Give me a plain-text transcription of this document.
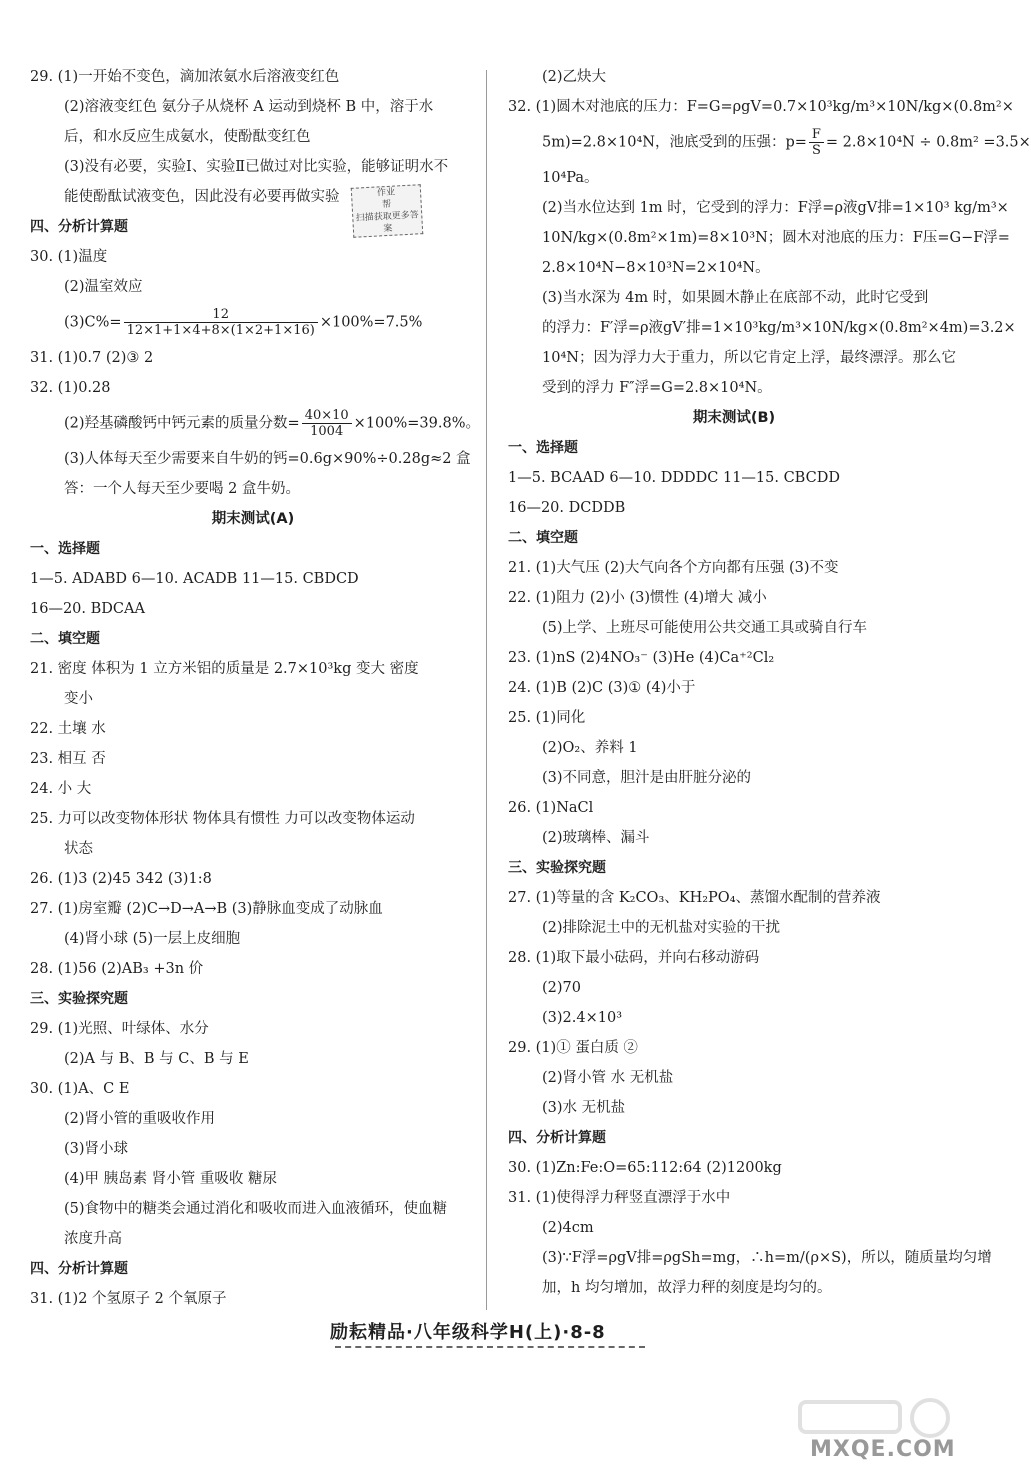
29. (1)一开始不变色，滴加浓氨水后溶液变红色
(2)溶液变红色 氨分子从烧杯 A 运动到烧杯 B 中，溶于水
后，和水反应生成氨水，使酚酞变红色
(3)没有必要，实验Ⅰ、实验Ⅱ已做过对比实验，能够证明水不
能使酚酞试液变色，因此没有必要再做实验
四、分析计算题
30. (1)温度
(2)温室效应
$(3)C\%= \frac{12}{12\times 1+1\times 4+8\times(1\times 2+1\times 16)} \times 100\%=7.5\%$
31. (1)0.7 (2)③ 2
32. (1)0.28
(2)羟基磷酸钙中钙元素的质量分数= $\frac{40\times 10}{1004} \times 100\%=39.8\%$。
(3)人体每天至少需要来自牛奶的钙=0.6g×90%÷0.28g≈2 盒
答：一个人每天至少要喝 2 盒牛奶。
期末测试(A)
一、选择题
1—5. ADABD 6—10. ACADB 11—15. CBDCD
16—20. BDCAA
二、填空题
21. 密度 体积为 1 立方米铝的质量是 2.7×10³kg 变大 密度
变小
22. 土壤 水
23. 相互 否
24. 小 大
25. 力可以改变物体形状 物体具有惯性 力可以改变物体运动
状态
26. (1)3 (2)45 342 (3)1:8
27. (1)房室瓣 (2)C→D→A→B (3)静脉血变成了动脉血
(4)肾小球 (5)一层上皮细胞
28. (1)56 (2)AB₃ +3n 价
三、实验探究题
29. (1)光照、叶绿体、水分
(2)A 与 B、B 与 C、B 与 E
30. (1)A、C E
(2)肾小管的重吸收作用
(3)肾小球
(4)甲 胰岛素 肾小管 重吸收 糖尿
(5)食物中的糖类会通过消化和吸收而进入血液循环，使血糖
浓度升高
四、分析计算题
31. (1)2 个氢原子 2 个氧原子
(2)乙炔大
32. (1)圆木对池底的压力：F=G=ρgV=0.7×10³kg/m³×10N/kg×(0.8m²×
5m)=2.8×10⁴N，池底受到的压强：$p= \frac{F}{S} = 2.8\times 10^4N \div 0.8m^2 =3.5\times$
10⁴Pa。
(2)当水位达到 1m 时，它受到的浮力：F浮=ρ液gV排=1×10³ kg/m³×
10N/kg×(0.8m²×1m)=8×10³N；圆木对池底的压力：F压=G−F浮=
2.8×10⁴N−8×10³N=2×10⁴N。
(3)当水深为 4m 时，如果圆木静止在底部不动，此时它受到
的浮力：F′浮=ρ液gV′排=1×10³kg/m³×10N/kg×(0.8m²×4m)=3.2×
10⁴N；因为浮力大于重力，所以它肯定上浮，最终漂浮。那么它
受到的浮力 F″浮=G=2.8×10⁴N。
期末测试(B)
一、选择题
1—5. BCAAD 6—10. DDDDC 11—15. CBCDD
16—20. DCDDB
二、填空题
21. (1)大气压 (2)大气向各个方向都有压强 (3)不变
22. (1)阻力 (2)小 (3)惯性 (4)增大 减小
(5)上学、上班尽可能使用公共交通工具或骑自行车
23. (1)nS (2)4NO₃⁻ (3)He (4)Ca⁺²Cl₂
24. (1)B (2)C (3)① (4)小于
25. (1)同化
(2)O₂、养料 1
(3)不同意，胆汁是由肝脏分泌的
26. (1)NaCl
(2)玻璃棒、漏斗
三、实验探究题
27. (1)等量的含 K₂CO₃、KH₂PO₄、蒸馏水配制的营养液
(2)排除泥土中的无机盐对实验的干扰
28. (1)取下最小砝码，并向右移动游码
(2)70
(3)2.4×10³
29. (1)① 蛋白质 ②
(2)肾小管 水 无机盐
(3)水 无机盐
四、分析计算题
30. (1)Zn:Fe:O=65:112:64 (2)1200kg
31. (1)使得浮力秤竖直漂浮于水中
(2)4cm
(3)∵F浮=ρgV排=ρgSh=mg，∴h=m/(ρ×S)，所以，随质量均匀增
加，h 均匀增加，故浮力秤的刻度是均匀的。
作业
帮
扫描获取更多答案
励耘精品·八年级科学H(上)·8-8
MXQE.COM
